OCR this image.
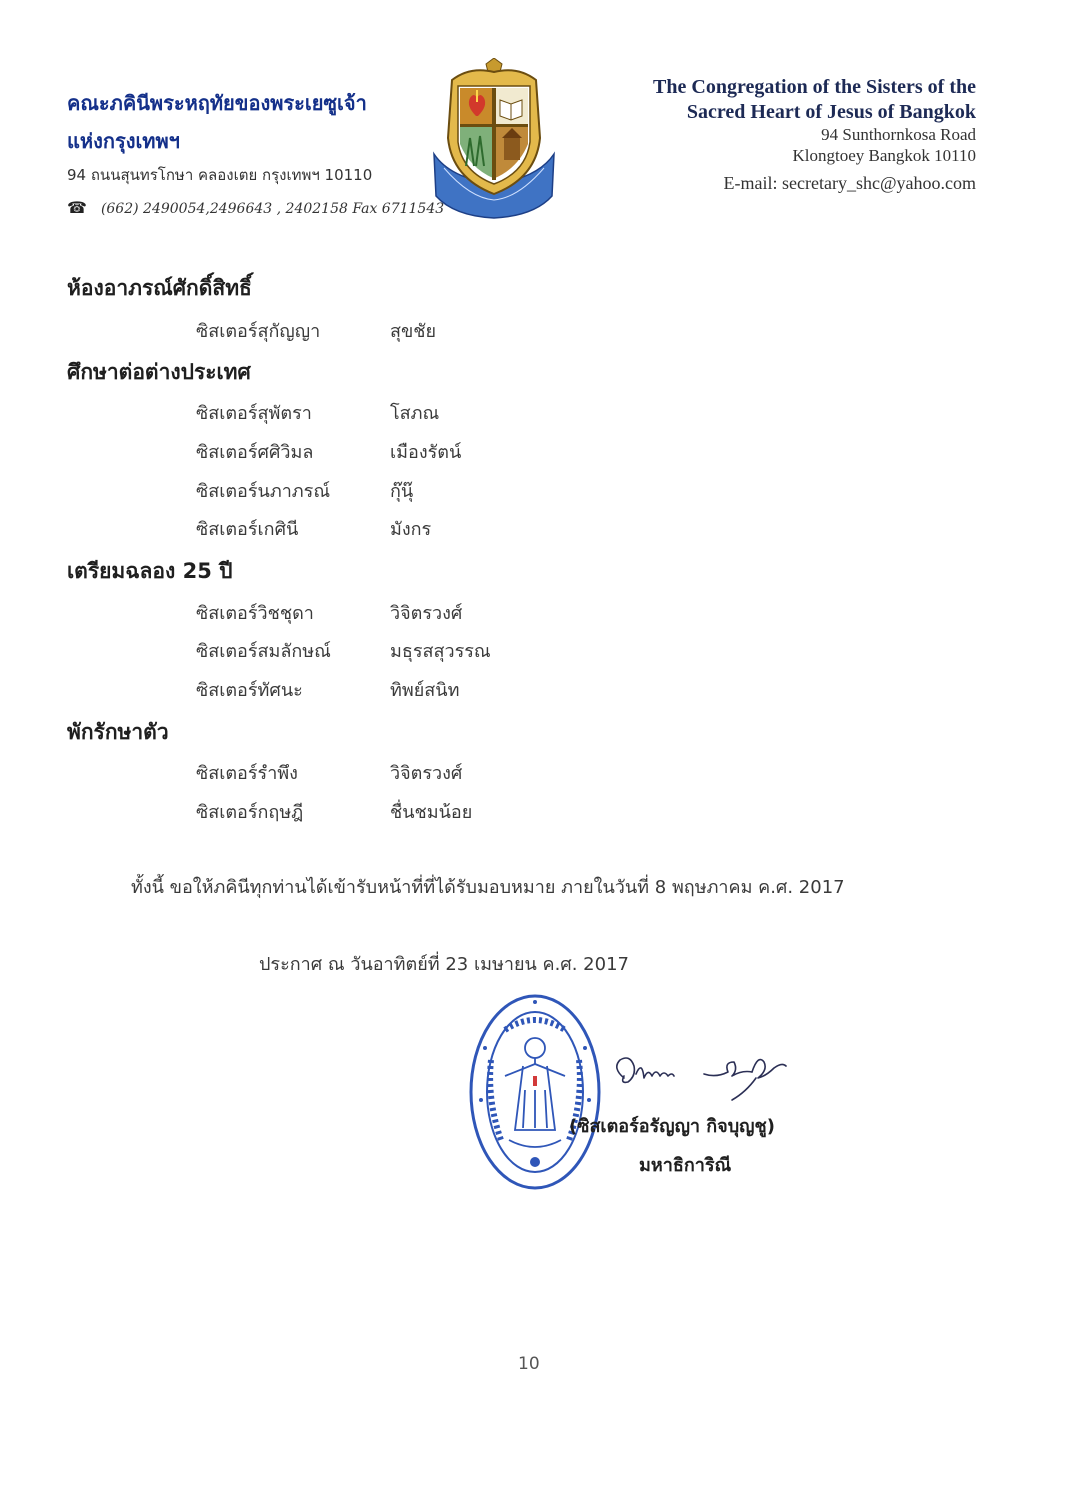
คณะภคินีพระหฤทัยของพระเยซูเจ้า
แห่งกรุงเทพฯ
94 ถนนสุนทรโกษา คลองเตย กรุงเทพฯ 10110
☎ (662) 2490054,2496643 , 2402158 Fax 6711543
The Congregation of the Sisters of the
Sacred Heart of Jesus of Bangkok
94 Sunthornkosa Road
Klongtoey Bangkok 10110
E-mail: secretary_shc@yahoo.com
ห้องอาภรณ์ศักดิ์สิทธิ์
ซิสเตอร์สุกัญญา	สุขชัย
ศึกษาต่อต่างประเทศ
ซิสเตอร์สุพัตรา	โสภณ
ซิสเตอร์ศศิวิมล	เมืองรัตน์
ซิสเตอร์นภาภรณ์	กุ๊นุ๊
ซิสเตอร์เกศินี	มังกร
เตรียมฉลอง 25 ปี
ซิสเตอร์วิชชุดา	วิจิตรวงศ์
ซิสเตอร์สมลักษณ์	มธุรสสุวรรณ
ซิสเตอร์ทัศนะ	ทิพย์สนิท
พักรักษาตัว
ซิสเตอร์รำพึง	วิจิตรวงศ์
ซิสเตอร์กฤษฎี	ชื่นชมน้อย
ทั้งนี้ ขอให้ภคินีทุกท่านได้เข้ารับหน้าที่ที่ได้รับมอบหมาย ภายในวันที่ 8 พฤษภาคม ค.ศ. 2017
ประกาศ ณ วันอาทิตย์ที่ 23 เมษายน ค.ศ. 2017
(ซิสเตอร์อรัญญา กิจบุญชู)
มหาธิการิณี
10
